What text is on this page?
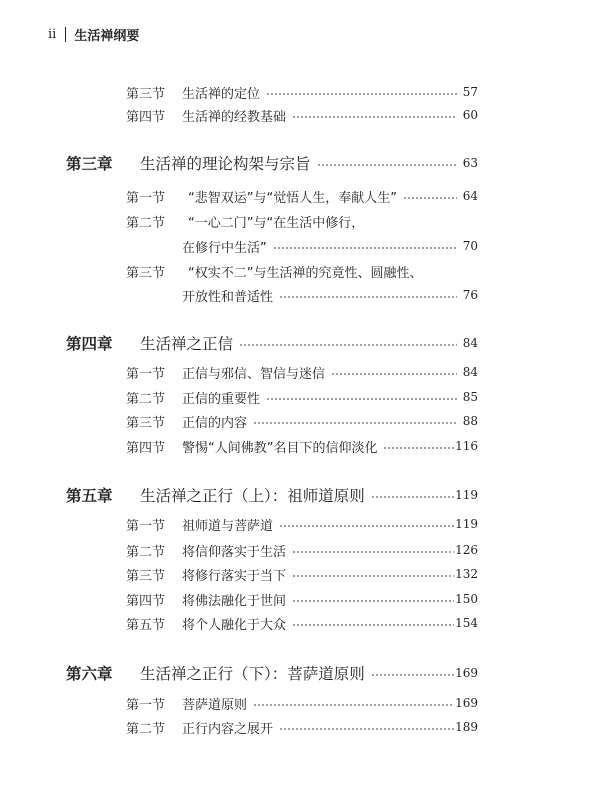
ii 生活禅纲要
第三节	生活禅的定位	57
第四节	生活禅的经教基础	60
第三章	生活禅的理论构架与宗旨	63
第一节	“悲智双运”与“觉悟人生，奉献人生”	64
第二节	“一心二门”与“在生活中修行，
在修行中生活”	70
第三节	“权实不二”与生活禅的究竟性、圆融性、
开放性和普适性	76
第四章	生活禅之正信	84
第一节	正信与邪信、智信与迷信	84
第二节	正信的重要性	85
第三节	正信的内容	88
第四节	警惕“人间佛教”名目下的信仰淡化	116
第五章	生活禅之正行（上）：祖师道原则	119
第一节	祖师道与菩萨道	119
第二节	将信仰落实于生活	126
第三节	将修行落实于当下	132
第四节	将佛法融化于世间	150
第五节	将个人融化于大众	154
第六章	生活禅之正行（下）：菩萨道原则	169
第一节	菩萨道原则	169
第二节	正行内容之展开	189
